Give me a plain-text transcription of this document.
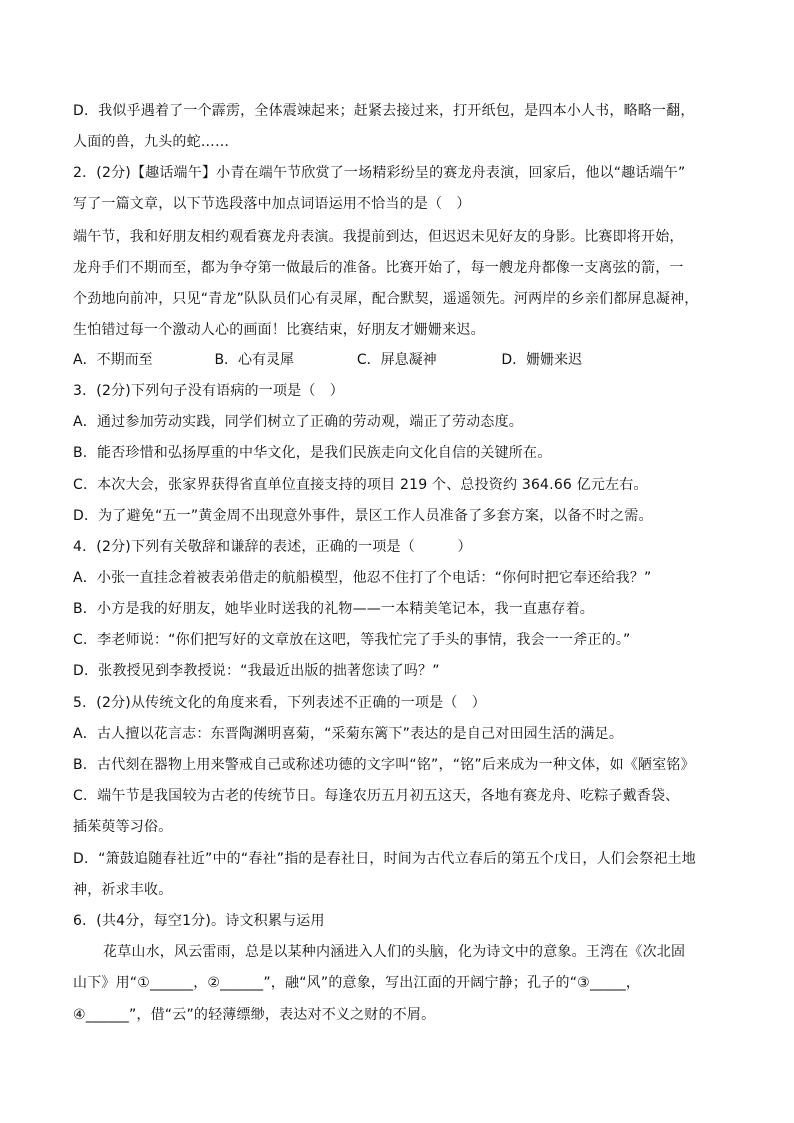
D．我似乎遇着了一个霹雳，全体震竦起来；赶紧去接过来，打开纸包，是四本小人书，略略一翻，
人面的兽，九头的蛇……
2．(2分)【趣话端午】小青在端午节欣赏了一场精彩纷呈的赛龙舟表演，回家后，他以“趣话端午”
写了一篇文章，以下节选段落中加点词语运用不恰当的是（　）
端午节，我和好朋友相约观看赛龙舟表演。我提前到达，但迟迟未见好友的身影。比赛即将开始，
龙舟手们不期而至，都为争夺第一做最后的准备。比赛开始了，每一艘龙舟都像一支离弦的箭，一
个劲地向前冲，只见“青龙”队队员们心有灵犀，配合默契，遥遥领先。河两岸的乡亲们都屏息凝神，
生怕错过每一个激动人心的画面！比赛结束，好朋友才姗姗来迟。
A．不期而至	B．心有灵犀	C．屏息凝神	D．姗姗来迟
3．(2分)下列句子没有语病的一项是（　）
A．通过参加劳动实践，同学们树立了正确的劳动观，端正了劳动态度。
B．能否珍惜和弘扬厚重的中华文化，是我们民族走向文化自信的关键所在。
C．本次大会，张家界获得省直单位直接支持的项目 219 个、总投资约 364.66 亿元左右。
D．为了避免“五一”黄金周不出现意外事件，景区工作人员准备了多套方案，以备不时之需。
4．(2分)下列有关敬辞和谦辞的表述，正确的一项是（　　　）
A．小张一直挂念着被表弟借走的航船模型，他忍不住打了个电话：“你何时把它奉还给我？”
B．小方是我的好朋友，她毕业时送我的礼物——一本精美笔记本，我一直惠存着。
C．李老师说：“你们把写好的文章放在这吧，等我忙完了手头的事情，我会一一斧正的。”
D．张教授见到李教授说：“我最近出版的拙著您读了吗？”
5．(2分)从传统文化的角度来看，下列表述不正确的一项是（　）
A．古人擅以花言志：东晋陶渊明喜菊，“采菊东篱下”表达的是自己对田园生活的满足。
B．古代刻在器物上用来警戒自己或称述功德的文字叫“铭”，“铭”后来成为一种文体，如《陋室铭》
C．端午节是我国较为古老的传统节日。每逢农历五月初五这天，各地有赛龙舟、吃粽子戴香袋、
插茱萸等习俗。
D．“箫鼓追随春社近”中的“春社”指的是春社日，时间为古代立春后的第五个戊日，人们会祭祀土地
神，祈求丰收。
6．(共4分，每空1分)。诗文积累与运用
花草山水，风云雷雨，总是以某种内涵进入人们的头脑，化为诗文中的意象。王湾在《次北固
山下》用“①______，②______”，融“风”的意象，写出江面的开阔宁静；孔子的“③_____，
④______”，借“云”的轻薄缥缈，表达对不义之财的不屑。
